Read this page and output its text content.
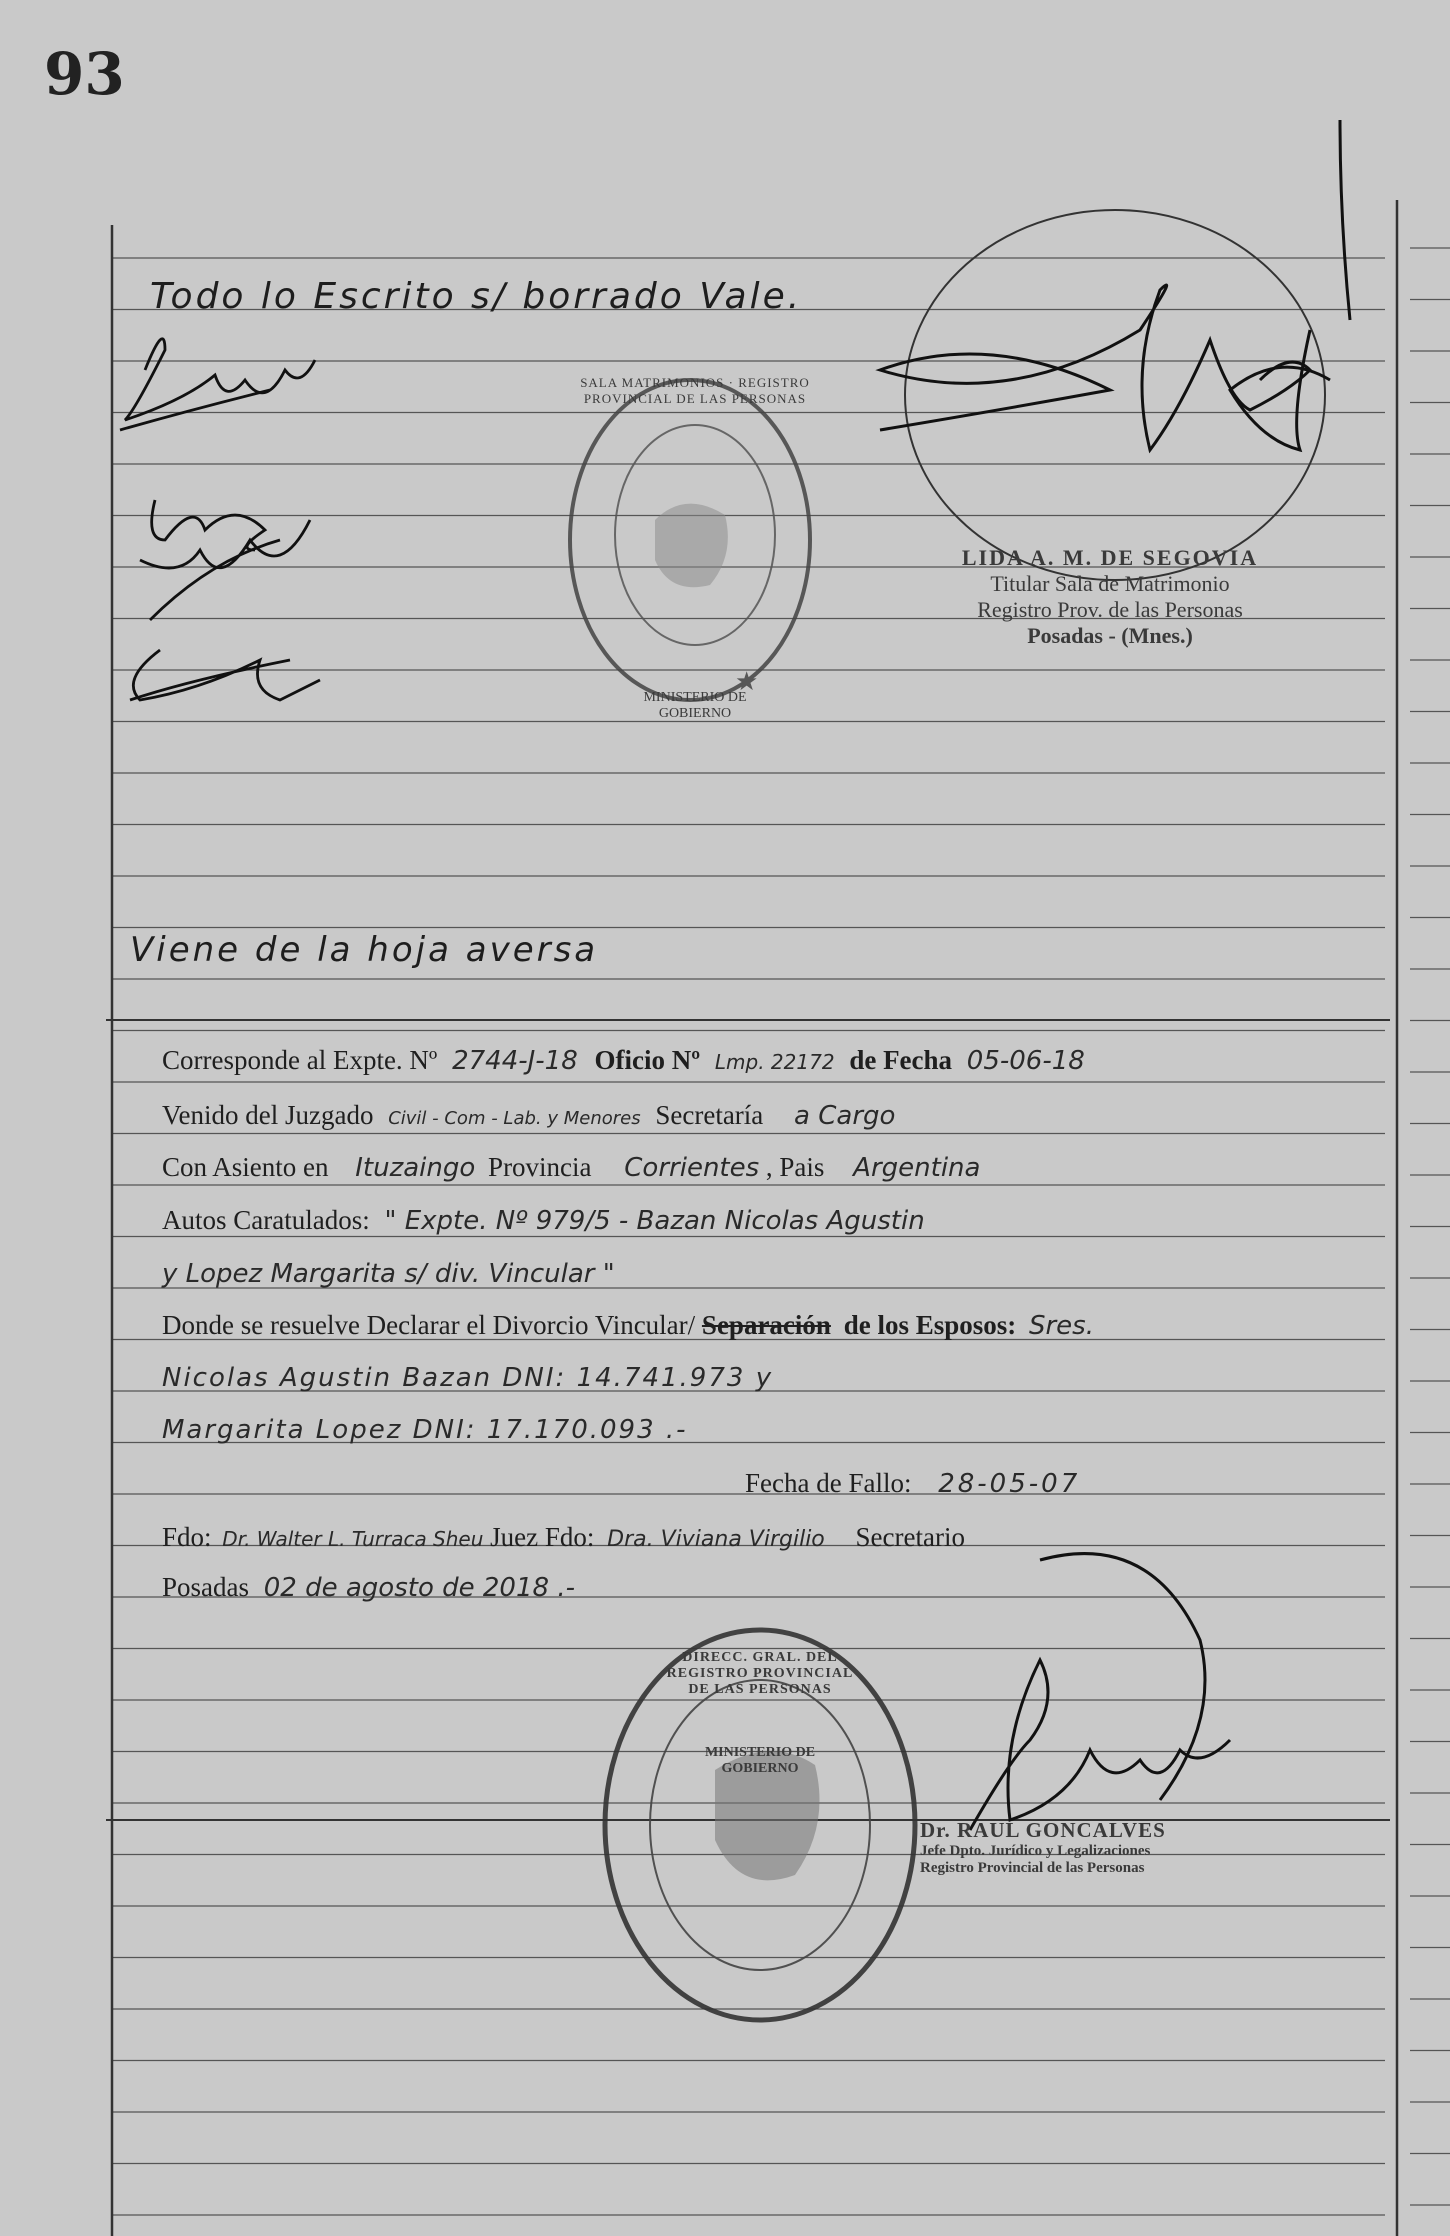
93
★
Todo lo Escrito s/ borrado Vale.
Viene de la hoja aversa
LIDA A. M. DE SEGOVIA
Titular Sala de Matrimonio
Registro Prov. de las Personas
Posadas - (Mnes.)
MINISTERIO DE GOBIERNO
SALA MATRIMONIOS · REGISTRO PROVINCIAL DE LAS PERSONAS
Corresponde al Expte. Nº 2744-J-18 Oficio Nº Lmp. 22172 de Fecha 05-06-18
Venido del Juzgado Civil - Com - Lab. y Menores Secretaría a Cargo
Con Asiento en Ituzaingo Provincia Corrientes , Pais Argentina
Autos Caratulados: " Expte. Nº 979/5 - Bazan Nicolas Agustin
y Lopez Margarita s/ div. Vincular "
Donde se resuelve Declarar el Divorcio Vincular/ Separación de los Esposos: Sres.
Nicolas Agustin Bazan DNI: 14.741.973 y
Margarita Lopez DNI: 17.170.093 .-
Fecha de Fallo: 28-05-07
Fdo: Dr. Walter L. Turraca Sheu Juez Fdo: Dra. Viviana Virgilio Secretario
Posadas 02 de agosto de 2018 .-
DIRECC. GRAL. DEL REGISTRO PROVINCIAL DE LAS PERSONAS
MINISTERIO DE GOBIERNO
Dr. RAUL GONCALVES
Jefe Dpto. Jurídico y Legalizaciones
Registro Provincial de las Personas
